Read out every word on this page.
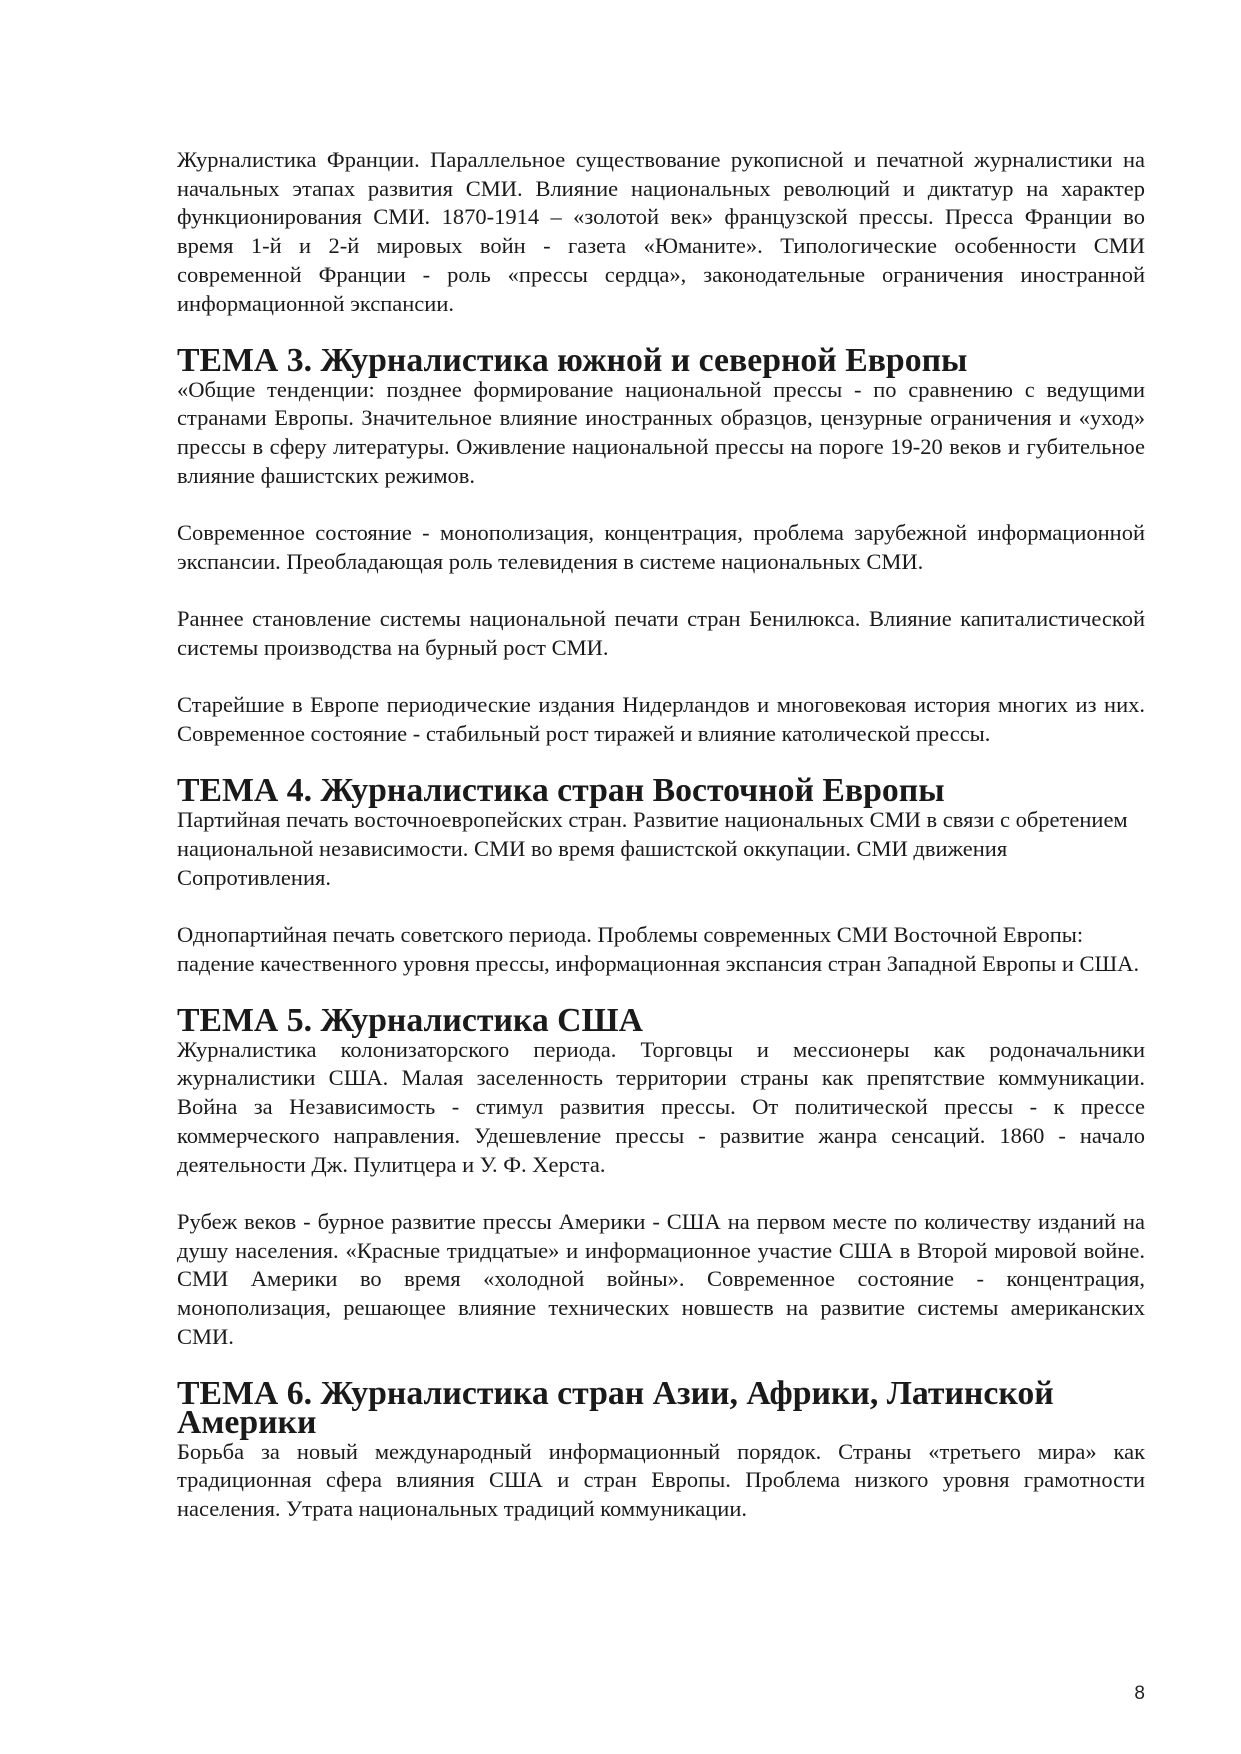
Журналистика Франции. Параллельное существование рукописной и печатной журналистики на начальных этапах развития СМИ. Влияние национальных революций и диктатур на характер функционирования СМИ. 1870-1914 – «золотой век» французской прессы. Пресса Франции во время 1-й и 2-й мировых войн - газета «Юманите». Типологические особенности СМИ современной Франции - роль «прессы сердца», законодательные ограничения иностранной информационной экспансии.

ТЕМА 3. Журналистика южной и северной Европы

«Общие тенденции: позднее формирование национальной прессы - по сравнению с ведущими странами Европы. Значительное влияние иностранных образцов, цензурные ограничения и «уход» прессы в сферу литературы. Оживление национальной прессы на пороге 19-20 веков и губительное влияние фашистских режимов.

Современное состояние - монополизация, концентрация, проблема зарубежной информационной экспансии. Преобладающая роль телевидения в системе национальных СМИ.

Раннее становление системы национальной печати стран Бенилюкса. Влияние капиталистической системы производства на бурный рост СМИ.

Старейшие в Европе периодические издания Нидерландов и многовековая история многих из них. Современное состояние - стабильный рост тиражей и влияние католической прессы.

ТЕМА 4. Журналистика стран Восточной Европы

Партийная печать восточноевропейских стран. Развитие национальных СМИ в связи с обретением национальной независимости. СМИ во время фашистской оккупации. СМИ движения Сопротивления.

Однопартийная печать советского периода. Проблемы современных СМИ Восточной Европы: падение качественного уровня прессы, информационная экспансия стран Западной Европы и США.

ТЕМА 5. Журналистика США

Журналистика колонизаторского периода. Торговцы и мессионеры как родоначальники журналистики США. Малая заселенность территории страны как препятствие коммуникации. Война за Независимость - стимул развития прессы. От политической прессы - к прессе коммерческого направления. Удешевление прессы - развитие жанра сенсаций. 1860 - начало деятельности Дж. Пулитцера и У. Ф. Херста.

Рубеж веков - бурное развитие прессы Америки - США на первом месте по количеству изданий на душу населения. «Красные тридцатые» и информационное участие США в Второй мировой войне. СМИ Америки во время «холодной войны». Современное состояние - концентрация, монополизация, решающее влияние технических новшеств на развитие системы американских СМИ.

ТЕМА 6. Журналистика стран Азии, Африки, Латинской Америки

Борьба за новый международный информационный порядок. Страны «третьего мира» как традиционная сфера влияния США и стран Европы. Проблема низкого уровня грамотности населения. Утрата национальных традиций коммуникации.

8
